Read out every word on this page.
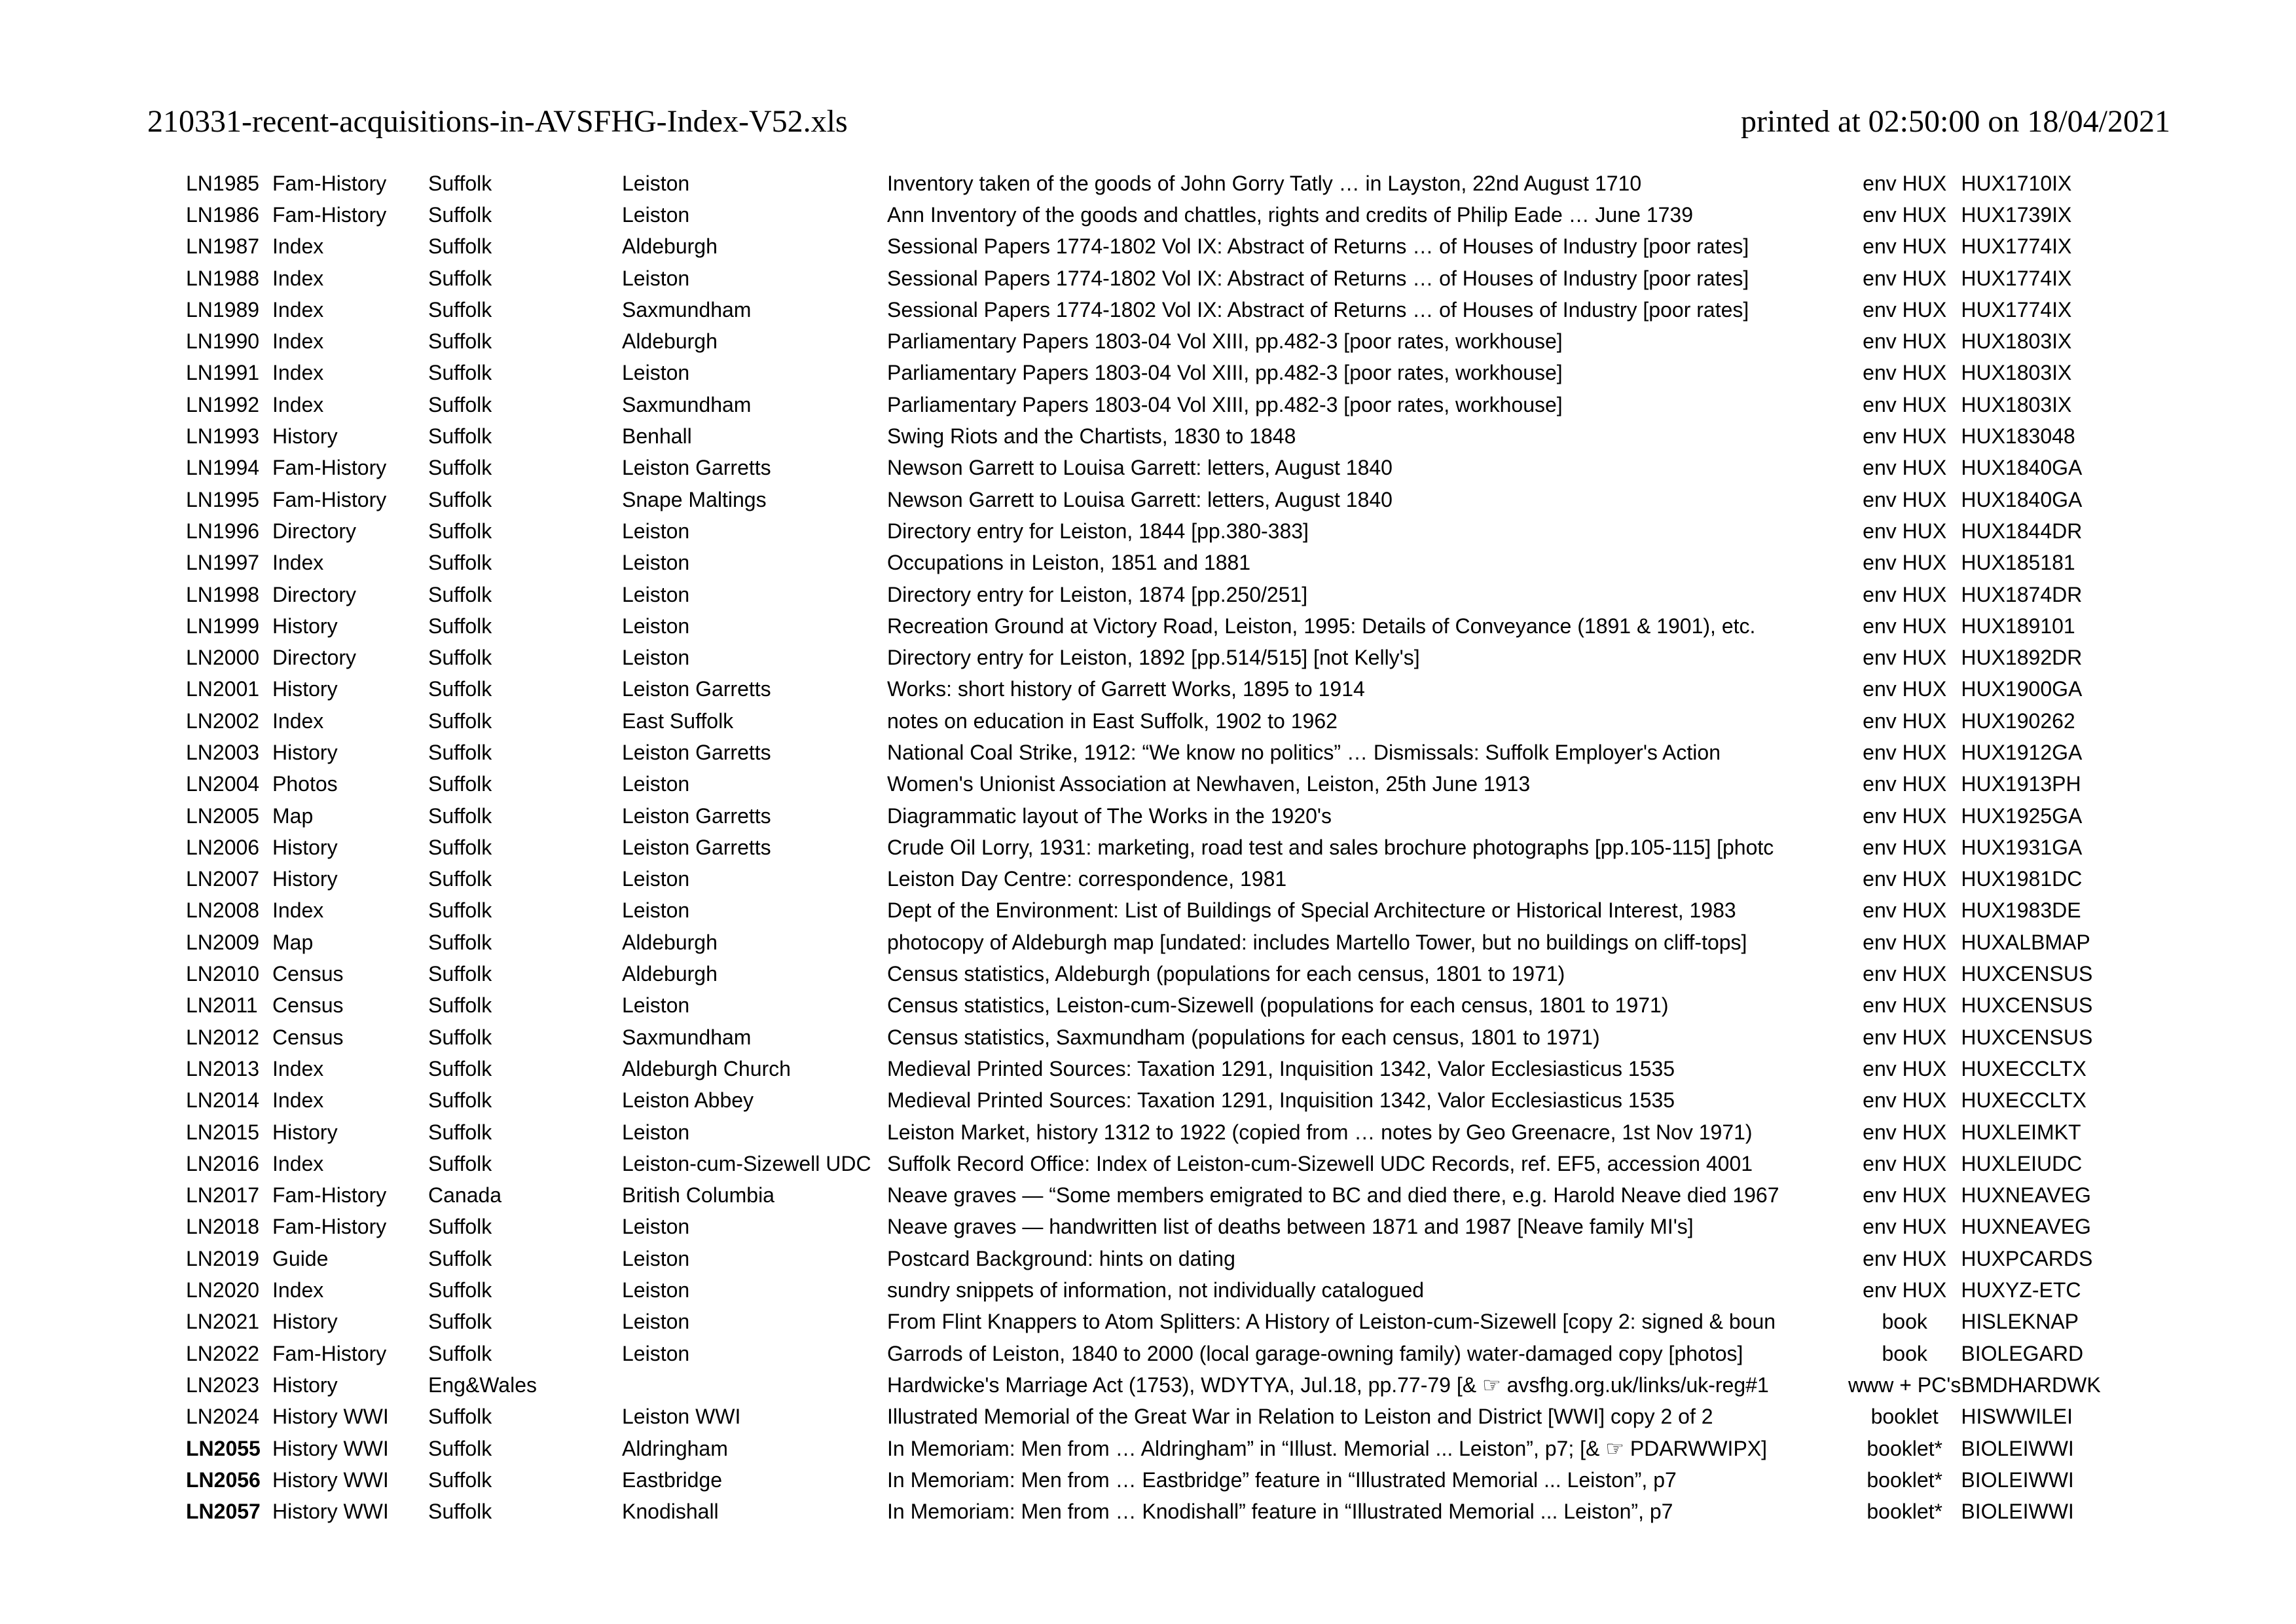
210331-recent-acquisitions-in-AVSFHG-Index-V52.xls	printed at 02:50:00 on 18/04/2021
LN1985	Fam-History	Suffolk	Leiston	Inventory taken of the goods of John Gorry Tatly … in Layston, 22nd August 1710	env HUX	HUX1710IX
LN1986	Fam-History	Suffolk	Leiston	Ann Inventory of the goods and chattles, rights and credits of Philip Eade … June 1739	env HUX	HUX1739IX
LN1987	Index	Suffolk	Aldeburgh	Sessional Papers 1774-1802 Vol IX: Abstract of Returns … of Houses of Industry [poor rates]	env HUX	HUX1774IX
LN1988	Index	Suffolk	Leiston	Sessional Papers 1774-1802 Vol IX: Abstract of Returns … of Houses of Industry [poor rates]	env HUX	HUX1774IX
LN1989	Index	Suffolk	Saxmundham	Sessional Papers 1774-1802 Vol IX: Abstract of Returns … of Houses of Industry [poor rates]	env HUX	HUX1774IX
LN1990	Index	Suffolk	Aldeburgh	Parliamentary Papers 1803-04 Vol XIII, pp.482-3 [poor rates, workhouse]	env HUX	HUX1803IX
LN1991	Index	Suffolk	Leiston	Parliamentary Papers 1803-04 Vol XIII, pp.482-3 [poor rates, workhouse]	env HUX	HUX1803IX
LN1992	Index	Suffolk	Saxmundham	Parliamentary Papers 1803-04 Vol XIII, pp.482-3 [poor rates, workhouse]	env HUX	HUX1803IX
LN1993	History	Suffolk	Benhall	Swing Riots and the Chartists, 1830 to 1848	env HUX	HUX183048
LN1994	Fam-History	Suffolk	Leiston Garretts	Newson Garrett to Louisa Garrett: letters, August 1840	env HUX	HUX1840GA
LN1995	Fam-History	Suffolk	Snape Maltings	Newson Garrett to Louisa Garrett: letters, August 1840	env HUX	HUX1840GA
LN1996	Directory	Suffolk	Leiston	Directory entry for Leiston, 1844 [pp.380-383]	env HUX	HUX1844DR
LN1997	Index	Suffolk	Leiston	Occupations in Leiston, 1851 and 1881	env HUX	HUX185181
LN1998	Directory	Suffolk	Leiston	Directory entry for Leiston, 1874 [pp.250/251]	env HUX	HUX1874DR
LN1999	History	Suffolk	Leiston	Recreation Ground at Victory Road, Leiston, 1995: Details of Conveyance (1891 & 1901), etc.	env HUX	HUX189101
LN2000	Directory	Suffolk	Leiston	Directory entry for Leiston, 1892 [pp.514/515] [not Kelly's]	env HUX	HUX1892DR
LN2001	History	Suffolk	Leiston Garretts	Works: short history of Garrett Works, 1895 to 1914	env HUX	HUX1900GA
LN2002	Index	Suffolk	East Suffolk	notes on education in East Suffolk, 1902 to 1962	env HUX	HUX190262
LN2003	History	Suffolk	Leiston Garretts	National Coal Strike, 1912: “We know no politics” … Dismissals: Suffolk Employer's Action	env HUX	HUX1912GA
LN2004	Photos	Suffolk	Leiston	Women's Unionist Association at Newhaven, Leiston, 25th June 1913	env HUX	HUX1913PH
LN2005	Map	Suffolk	Leiston Garretts	Diagrammatic layout of The Works in the 1920's	env HUX	HUX1925GA
LN2006	History	Suffolk	Leiston Garretts	Crude Oil Lorry, 1931: marketing, road test and sales brochure photographs [pp.105-115] [photc	env HUX	HUX1931GA
LN2007	History	Suffolk	Leiston	Leiston Day Centre: correspondence, 1981	env HUX	HUX1981DC
LN2008	Index	Suffolk	Leiston	Dept of the Environment: List of Buildings of Special Architecture or Historical Interest, 1983	env HUX	HUX1983DE
LN2009	Map	Suffolk	Aldeburgh	photocopy of Aldeburgh map [undated: includes Martello Tower, but no buildings on cliff-tops]	env HUX	HUXALBMAP
LN2010	Census	Suffolk	Aldeburgh	Census statistics, Aldeburgh (populations for each census, 1801 to 1971)	env HUX	HUXCENSUS
LN2011	Census	Suffolk	Leiston	Census statistics, Leiston-cum-Sizewell (populations for each census, 1801 to 1971)	env HUX	HUXCENSUS
LN2012	Census	Suffolk	Saxmundham	Census statistics, Saxmundham (populations for each census, 1801 to 1971)	env HUX	HUXCENSUS
LN2013	Index	Suffolk	Aldeburgh Church	Medieval Printed Sources: Taxation 1291, Inquisition 1342, Valor Ecclesiasticus 1535	env HUX	HUXECCLTX
LN2014	Index	Suffolk	Leiston Abbey	Medieval Printed Sources: Taxation 1291, Inquisition 1342, Valor Ecclesiasticus 1535	env HUX	HUXECCLTX
LN2015	History	Suffolk	Leiston	Leiston Market, history 1312 to 1922 (copied from … notes by Geo Greenacre, 1st Nov 1971)	env HUX	HUXLEIMKT
LN2016	Index	Suffolk	Leiston-cum-Sizewell UDC	Suffolk Record Office: Index of Leiston-cum-Sizewell UDC Records, ref. EF5, accession 4001	env HUX	HUXLEIUDC
LN2017	Fam-History	Canada	British Columbia	Neave graves — “Some members emigrated to BC and died there, e.g. Harold Neave died 1967	env HUX	HUXNEAVEG
LN2018	Fam-History	Suffolk	Leiston	Neave graves — handwritten list of deaths between 1871 and 1987 [Neave family MI's]	env HUX	HUXNEAVEG
LN2019	Guide	Suffolk	Leiston	Postcard Background: hints on dating	env HUX	HUXPCARDS
LN2020	Index	Suffolk	Leiston	sundry snippets of information, not individually catalogued	env HUX	HUXYZ-ETC
LN2021	History	Suffolk	Leiston	From Flint Knappers to Atom Splitters: A History of Leiston-cum-Sizewell [copy 2: signed & boun	book	HISLEKNAP
LN2022	Fam-History	Suffolk	Leiston	Garrods of Leiston, 1840 to 2000 (local garage-owning family) water-damaged copy [photos]	book	BIOLEGARD
LN2023	History	Eng&Wales		Hardwicke's Marriage Act (1753), WDYTYA, Jul.18, pp.77-79 [& ☞ avsfhg.org.uk/links/uk-reg#1	www + PC's	BMDHARDWK
LN2024	History WWI	Suffolk	Leiston WWI	Illustrated Memorial of the Great War in Relation to Leiston and District [WWI] copy 2 of 2	booklet	HISWWILEI
LN2055	History WWI	Suffolk	Aldringham	In Memoriam: Men from … Aldringham” in “Illust. Memorial ... Leiston”, p7; [& ☞ PDARWWIPX]	booklet*	BIOLEIWWI
LN2056	History WWI	Suffolk	Eastbridge	In Memoriam: Men from … Eastbridge” feature in “Illustrated Memorial ... Leiston”, p7	booklet*	BIOLEIWWI
LN2057	History WWI	Suffolk	Knodishall	In Memoriam: Men from … Knodishall” feature in “Illustrated Memorial ... Leiston”, p7	booklet*	BIOLEIWWI
